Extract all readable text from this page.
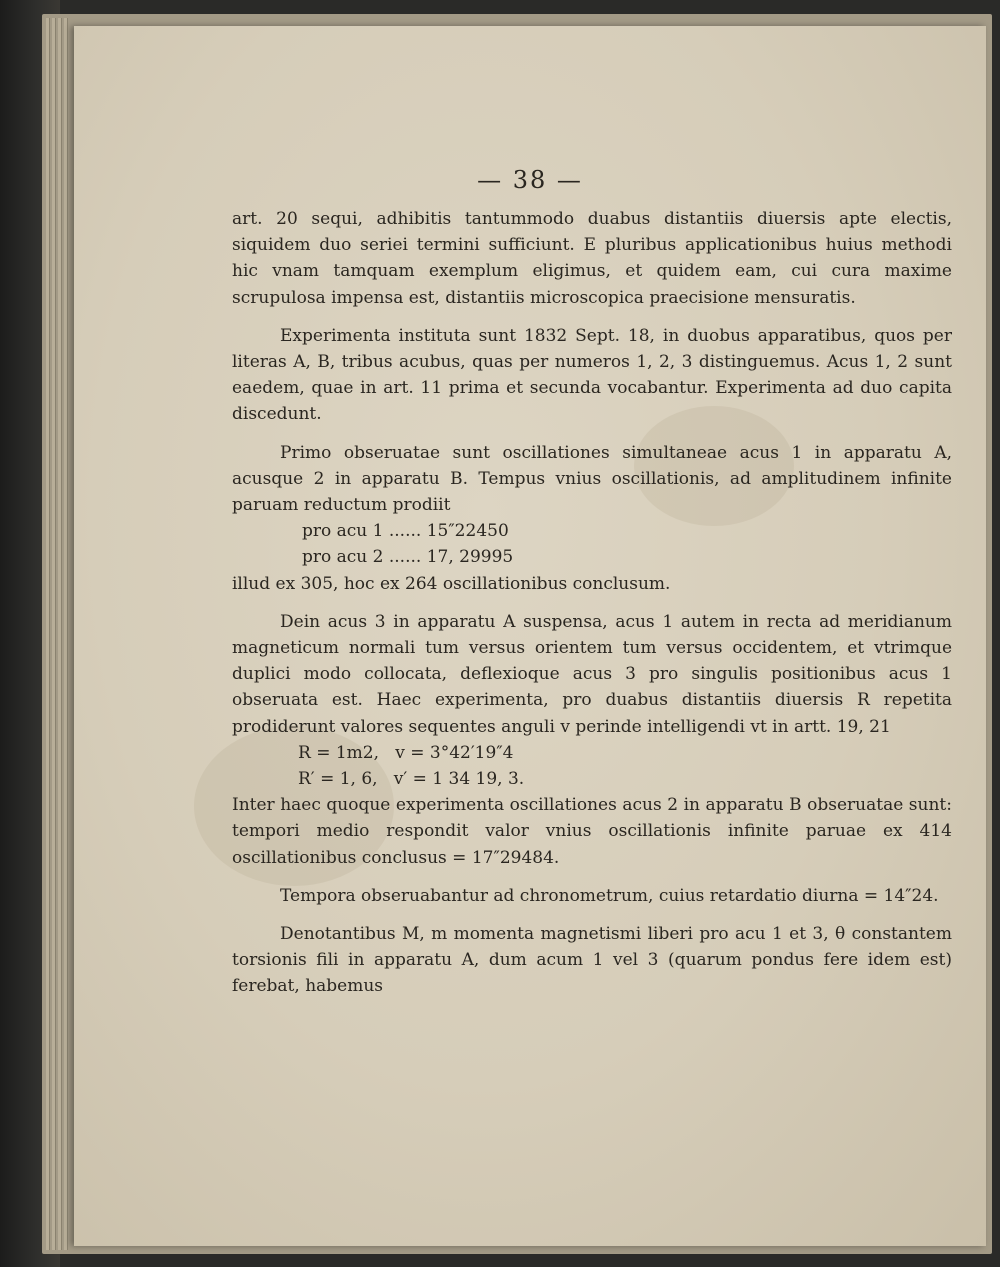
— 38 —

art. 20 sequi, adhibitis tantummodo duabus distantiis diuersis apte electis, siquidem duo seriei termini sufficiunt. E pluribus applicationibus huius methodi hic vnam tamquam exemplum eligimus, et quidem eam, cui cura maxime scrupulosa impensa est, distantiis microscopica praecisione mensuratis.

Experimenta instituta sunt 1832 Sept. 18, in duobus apparatibus, quos per literas A, B, tribus acubus, quas per numeros 1, 2, 3 distinguemus. Acus 1, 2 sunt eaedem, quae in art. 11 prima et secunda vocabantur. Experimenta ad duo capita discedunt.

Primo obseruatae sunt oscillationes simultaneae acus 1 in apparatu A, acusque 2 in apparatu B. Tempus vnius oscillationis, ad amplitudinem infinite paruam reductum prodiit

pro acu 1 ...... 15″22450

pro acu 2 ...... 17, 29995

illud ex 305, hoc ex 264 oscillationibus conclusum.

Dein acus 3 in apparatu A suspensa, acus 1 autem in recta ad meridianum magneticum normali tum versus orientem tum versus occidentem, et vtrimque duplici modo collocata, deflexioque acus 3 pro singulis positionibus acus 1 obseruata est. Haec experimenta, pro duabus distantiis diuersis R repetita prodiderunt valores sequentes anguli v perinde intelligendi vt in artt. 19, 21

R = 1m2,   v = 3°42′19″4

R′ = 1, 6,   v′ = 1 34 19, 3.

Inter haec quoque experimenta oscillationes acus 2 in apparatu B obseruatae sunt: tempori medio respondit valor vnius oscillationis infinite paruae ex 414 oscillationibus conclusus = 17″29484.

Tempora obseruabantur ad chronometrum, cuius retardatio diurna = 14″24.

Denotantibus M, m momenta magnetismi liberi pro acu 1 et 3, θ constantem torsionis fili in apparatu A, dum acum 1 vel 3 (quarum pondus fere idem est) ferebat, habemus
